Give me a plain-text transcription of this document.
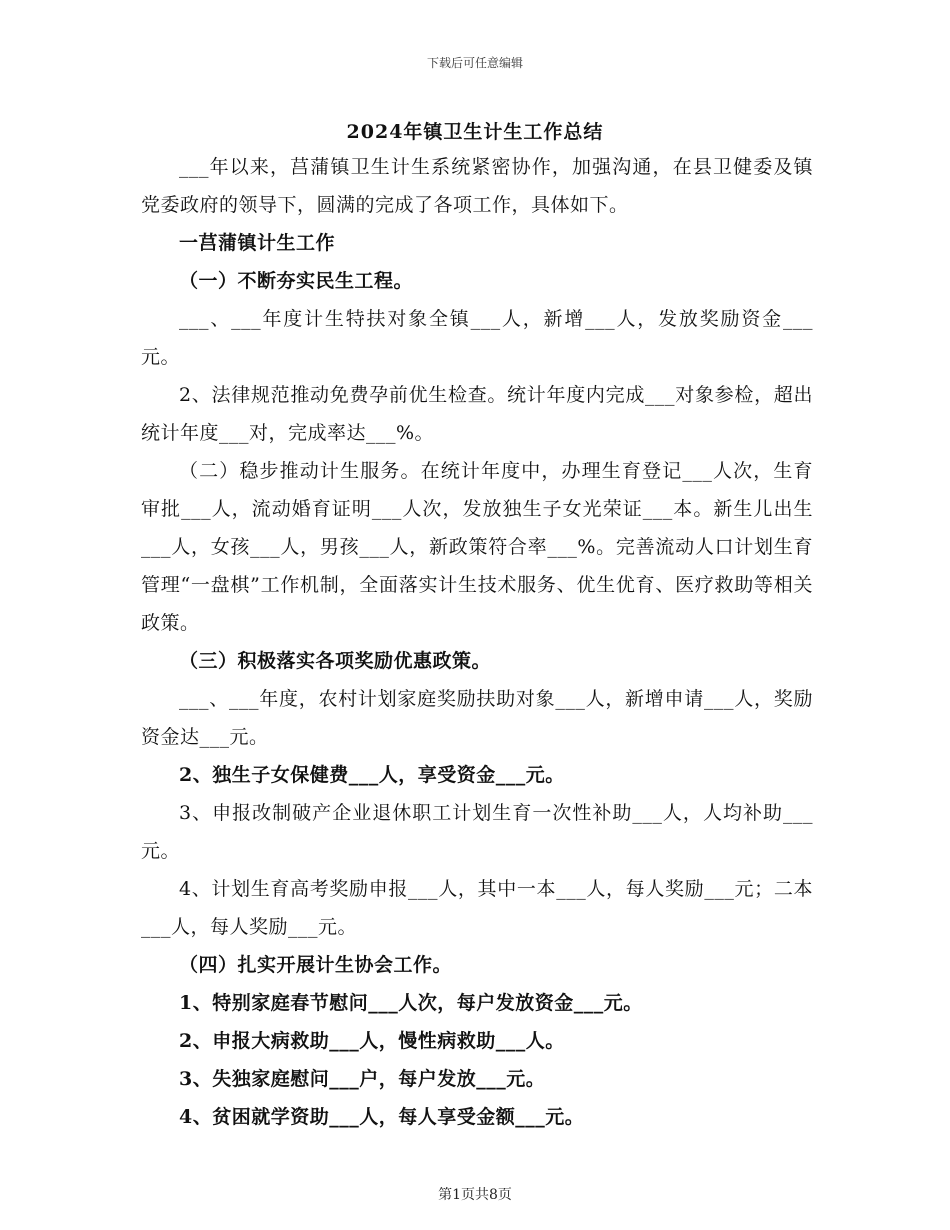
下载后可任意编辑
2024年镇卫生计生工作总结

___年以来，莒蒲镇卫生计生系统紧密协作，加强沟通，在县卫健委及镇党委政府的领导下，圆满的完成了各项工作，具体如下。

一莒蒲镇计生工作

（一）不断夯实民生工程。

___、___年度计生特扶对象全镇___人，新增___人，发放奖励资金___元。

2、法律规范推动免费孕前优生检查。统计年度内完成___对象参检，超出统计年度___对，完成率达___%。

（二）稳步推动计生服务。在统计年度中，办理生育登记___人次，生育审批___人，流动婚育证明___人次，发放独生子女光荣证___本。新生儿出生___人，女孩___人，男孩___人，新政策符合率___%。完善流动人口计划生育管理“一盘棋”工作机制，全面落实计生技术服务、优生优育、医疗救助等相关政策。

（三）积极落实各项奖励优惠政策。

___、___年度，农村计划家庭奖励扶助对象___人，新增申请___人，奖励资金达___元。

2、独生子女保健费___人，享受资金___元。

3、申报改制破产企业退休职工计划生育一次性补助___人，人均补助___元。

4、计划生育高考奖励申报___人，其中一本___人，每人奖励___元；二本___人，每人奖励___元。

（四）扎实开展计生协会工作。

1、特别家庭春节慰问___人次，每户发放资金___元。

2、申报大病救助___人，慢性病救助___人。

3、失独家庭慰问___户，每户发放___元。

4、贫困就学资助___人，每人享受金额___元。

第1页共8页
